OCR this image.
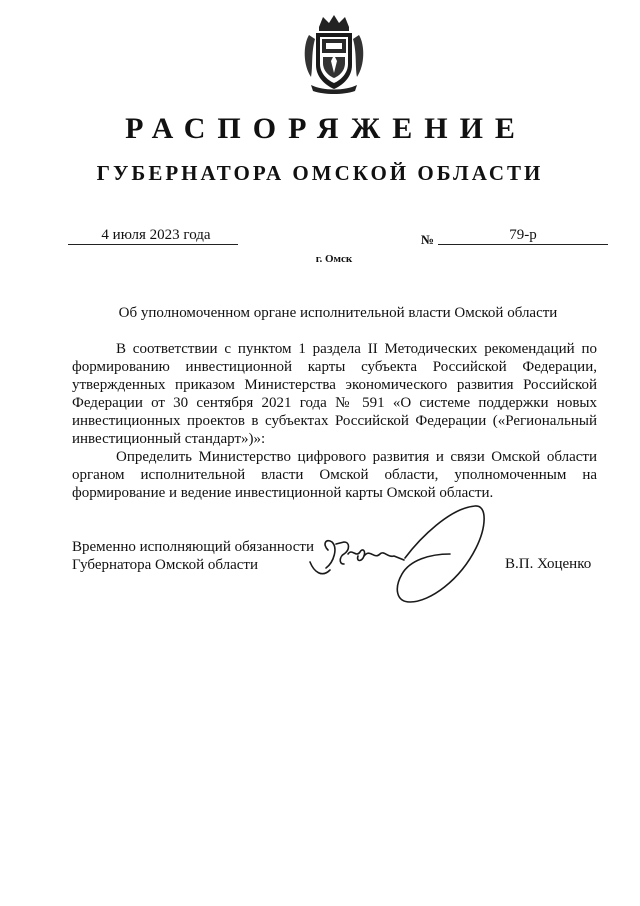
РАСПОРЯЖЕНИЕ
ГУБЕРНАТОРА ОМСКОЙ ОБЛАСТИ
4 июля 2023 года	№	79-р
г. Омск
Об уполномоченном органе исполнительной власти Омской области

В соответствии с пунктом 1 раздела II Методических рекомендаций по формированию инвестиционной карты субъекта Российской Федерации, утвержденных приказом Министерства экономического развития Российской Федерации от 30 сентября 2021 года № 591 «О системе поддержки новых инвестиционных проектов в субъектах Российской Федерации («Региональный инвестиционный стандарт»)»:

Определить Министерство цифрового развития и связи Омской области органом исполнительной власти Омской области, уполномоченным на формирование и ведение инвестиционной карты Омской области.

Временно исполняющий обязанности
Губернатора Омской области	В.П. Хоценко
